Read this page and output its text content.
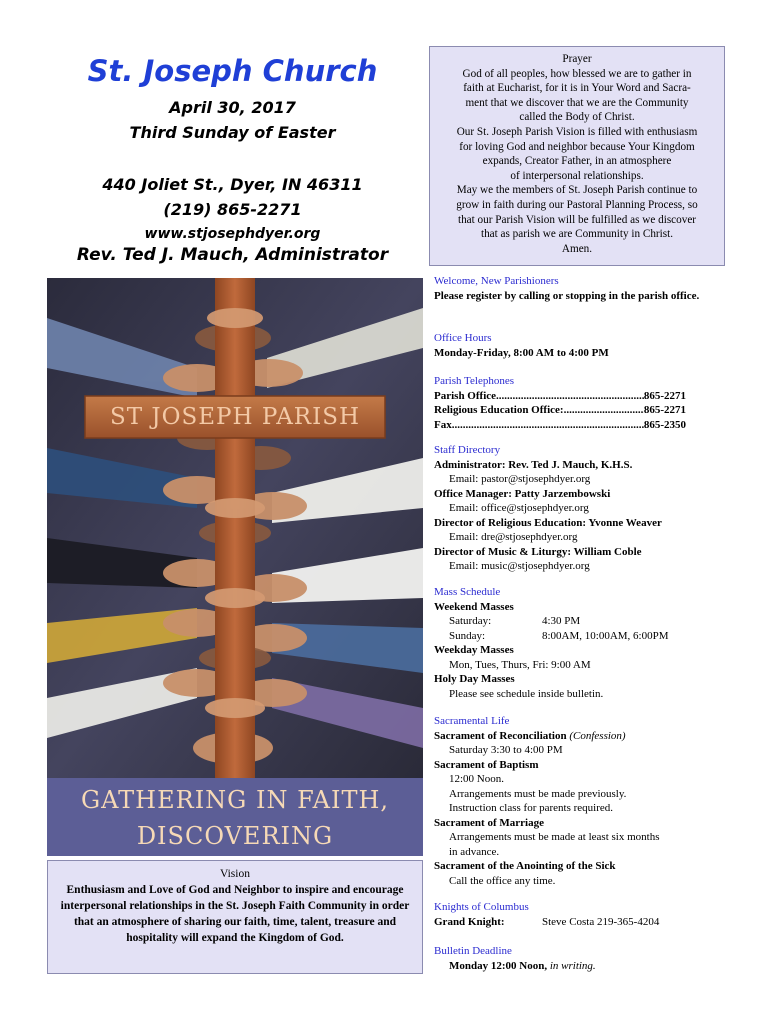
St. Joseph Church
April 30, 2017
Third Sunday of Easter
440 Joliet St., Dyer, IN 46311
(219) 865-2271
www.stjosephdyer.org
Rev. Ted J. Mauch, Administrator
ST JOSEPH PARISH
GATHERING IN FAITH,
DISCOVERING
Vision
Enthusiasm and Love of God and Neighbor to inspire and encourage interpersonal relationships in the St. Joseph Faith Community in order that an atmosphere of sharing our faith, time, talent, treasure and hospitality will expand the Kingdom of God.
Prayer
God of all peoples, how blessed we are to gather in
faith at Eucharist, for it is in Your Word and Sacra-
ment that we discover that we are the Community
called the Body of Christ.
Our St. Joseph Parish Vision is filled with enthusiasm
for loving God and neighbor because Your Kingdom
expands, Creator Father, in an atmosphere
of interpersonal relationships.
May we the members of St. Joseph Parish continue to
grow in faith during our Pastoral Planning Process, so
that our Parish Vision will be fulfilled as we discover
that as parish we are Community in Christ.
Amen.
Welcome, New Parishioners
Please register by calling or stopping in the parish office.
Office Hours
Monday-Friday, 8:00 AM to 4:00 PM
Parish Telephones
Parish Office .....	865-2271
Religious Education Office: .....	865-2271
Fax .....	865-2350
Staff Directory
Administrator: Rev. Ted J. Mauch, K.H.S.
Email: pastor@stjosephdyer.org
Office Manager: Patty Jarzembowski
Email: office@stjosephdyer.org
Director of Religious Education: Yvonne Weaver
Email: dre@stjosephdyer.org
Director of Music & Liturgy: William Coble
Email: music@stjosephdyer.org
Mass Schedule
Weekend Masses
Saturday:	4:30 PM
Sunday:	8:00AM, 10:00AM, 6:00PM
Weekday Masses
Mon, Tues, Thurs, Fri: 9:00 AM
Holy Day Masses
Please see schedule inside bulletin.
Sacramental Life
Sacrament of Reconciliation (Confession)
Saturday 3:30 to 4:00 PM
Sacrament of Baptism
12:00 Noon.
Arrangements must be made previously.
Instruction class for parents required.
Sacrament of Marriage
Arrangements must be made at least six months
in advance.
Sacrament of the Anointing of the Sick
Call the office any time.
Knights of Columbus
Grand Knight:	Steve Costa 219-365-4204
Bulletin Deadline
Monday 12:00 Noon, in writing.
